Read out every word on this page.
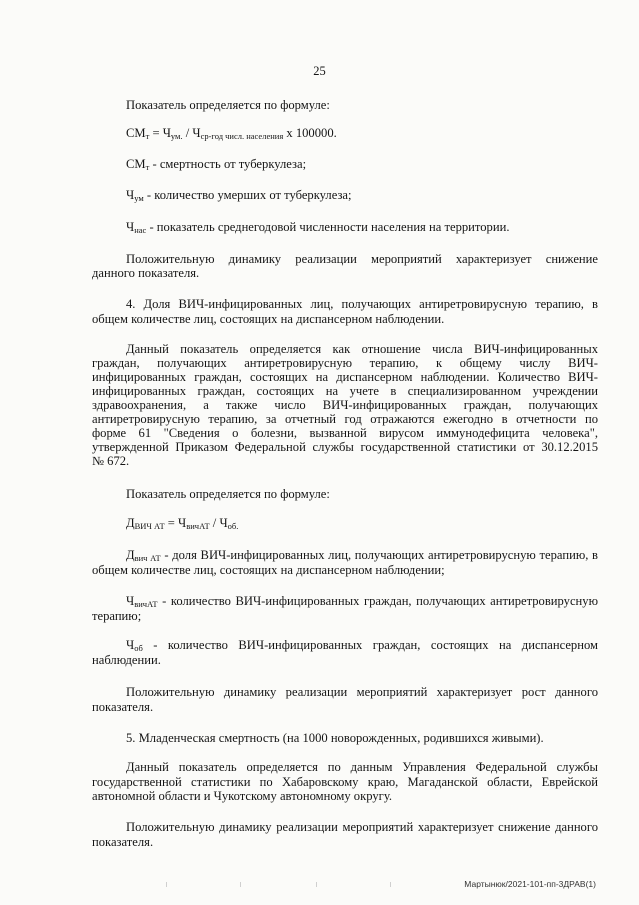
25

Показатель определяется по формуле:

$СМ_т = Ч_{ум.} / Ч_{ср-год числ. населения}$ х 100000.

$СМ_т$ - смертность от туберкулеза;

$Ч_{ум}$ - количество умерших от туберкулеза;

$Ч_{нас}$ - показатель среднегодовой численности населения на территории.

Положительную динамику реализации мероприятий характеризует снижение
данного показателя.

4. Доля ВИЧ-инфицированных лиц, получающих антиретровирусную терапию, в общем количестве лиц, состоящих на диспансерном наблюдении.

Данный показатель определяется как отношение числа ВИЧ-инфицированных
граждан, получающих антиретровирусную терапию, к общему числу ВИЧ-
инфицированных граждан, состоящих на диспансерном наблюдении. Количество ВИЧ-
инфицированных граждан, состоящих на учете в специализированном учреждении
здравоохранения, а также число ВИЧ-инфицированных граждан, получающих
антиретровирусную терапию, за отчетный год отражаются ежегодно в отчетности по
форме 61 "Сведения о болезни, вызванной вирусом иммунодефицита человека",
утвержденной Приказом Федеральной службы государственной статистики от 30.12.2015
№ 672.

Показатель определяется по формуле:

$Д_{ВИЧ АТ} = Ч_{вичАТ} / Ч_{об.}$

$Д_{вич АТ}$ - доля ВИЧ-инфицированных лиц, получающих антиретровирусную терапию, в общем количестве лиц, состоящих на диспансерном наблюдении;

$Ч_{вичАТ}$ - количество ВИЧ-инфицированных граждан, получающих антиретровирусную терапию;

$Ч_{об}$ - количество ВИЧ-инфицированных граждан, состоящих на диспансерном наблюдении.

Положительную динамику реализации мероприятий характеризует рост данного показателя.

5. Младенческая смертность (на 1000 новорожденных, родившихся живыми).

Данный показатель определяется по данным Управления Федеральной службы государственной статистики по Хабаровскому краю, Магаданской области, Еврейской автономной области и Чукотскому автономному округу.

Положительную динамику реализации мероприятий характеризует снижение данного показателя.

Мартынюк/2021-101-пп-3ДРАВ(1)
